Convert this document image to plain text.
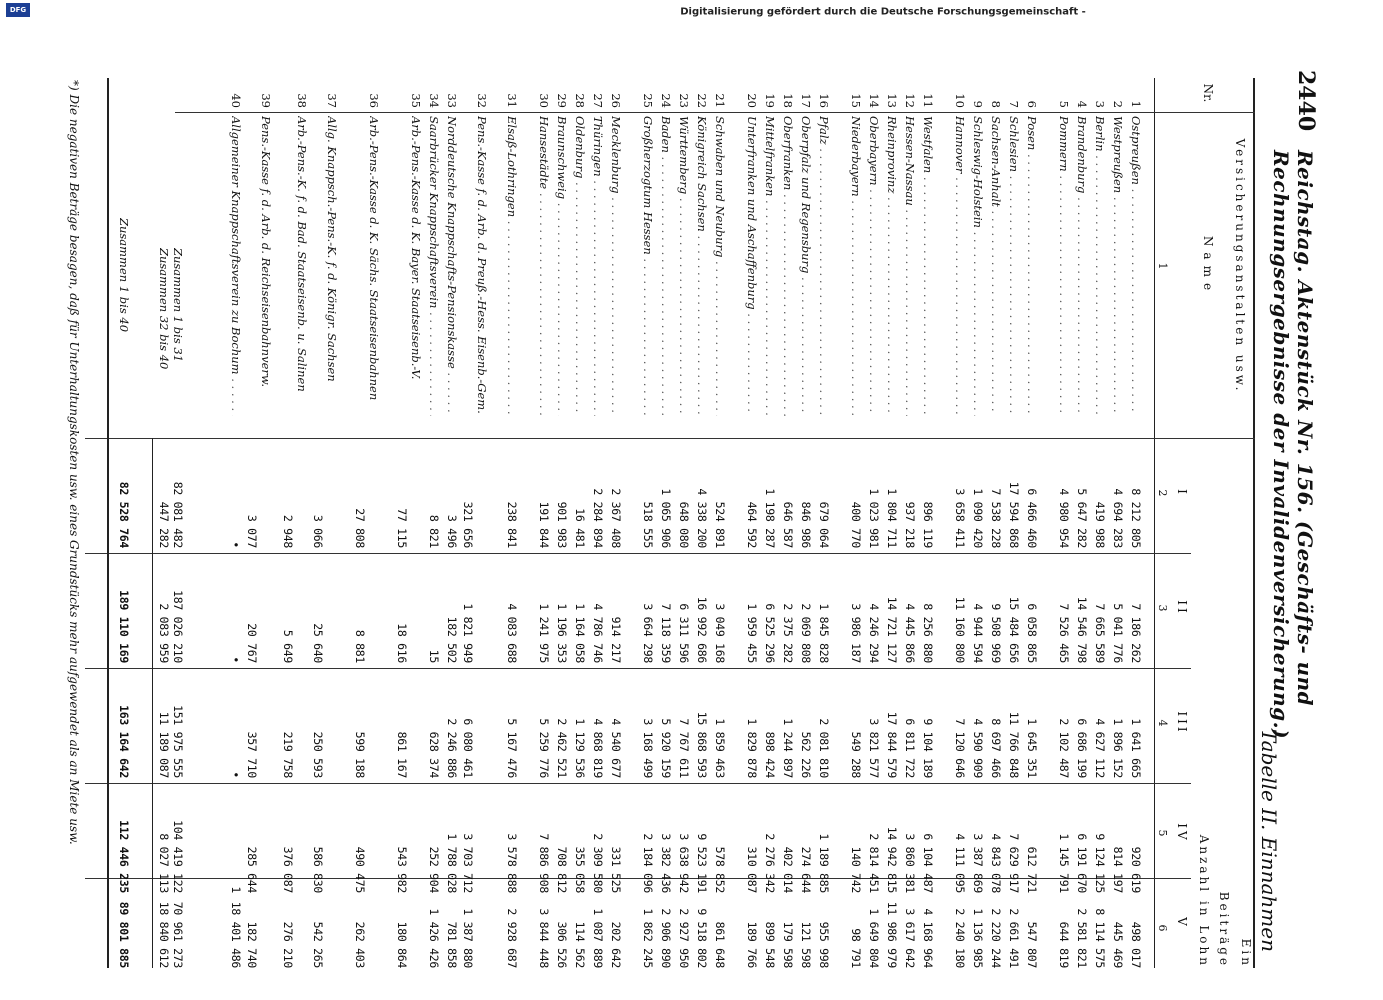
Digitalisierung gefördert durch die Deutsche Forschungsgemeinschaft -
DFG
2440
Reichstag. Aktenstück Nr. 156. (Geschäfts- und Rechnungsergebnisse der Invalidenversicherung.)
Tabelle II. Einnahmen
Nr.
Versicherungsanstalten usw.
Name
Ein
Beiträge
Anzahl in Lohn
I
II
III
IV
V
1
2
3
4
5
6
1
Ostpreußen . . .
8 212 805
7 186 262
1 641 665
920 619
498 017
2
Westpreußen . . .
4 694 283
5 041 776
1 896 152
814 197
445 469
3
Berlin . . .
419 988
7 665 589
4 627 112
9 124 125
8 114 575
4
Brandenburg . . .
5 647 282
14 546 798
6 686 199
6 191 670
2 581 821
5
Pommern . . .
4 980 954
7 526 465
2 102 487
1 145 791
644 819
6
Posen . . .
6 466 460
6 058 865
1 645 351
612 721
547 807
7
Schlesien . . .
17 594 868
15 484 656
11 766 848
7 629 917
2 661 491
8
Sachsen-Anhalt . . .
7 538 228
9 508 969
8 697 466
4 843 078
2 220 244
9
Schleswig-Holstein . . .
1 090 420
4 944 594
4 590 909
3 387 869
1 136 985
10
Hannover . . .
3 658 411
11 160 800
7 120 646
4 111 095
2 240 180
11
Westfalen . . .
896 119
8 256 880
9 104 189
6 104 487
4 168 964
12
Hessen-Nassau . . .
937 218
4 445 866
6 811 722
3 860 381
3 617 642
13
Rheinprovinz . . .
1 804 711
14 721 127
17 844 579
14 942 815
11 986 979
14
Oberbayern . . .
1 023 981
4 246 294
3 821 577
2 814 451
1 649 804
15
Niederbayern . . .
400 770
3 986 187
549 288
140 742
98 791
16
Pfalz . . .
679 064
1 845 828
2 081 810
1 189 885
955 998
17
Oberpfalz und Regensburg . . .
846 986
2 069 808
562 226
274 644
121 598
18
Oberfranken . . .
646 587
2 375 282
1 244 897
402 014
179 598
19
Mittelfranken . . .
1 198 287
6 525 296
898 424
2 276 342
899 548
20
Unterfranken und Aschaffenburg . . .
464 592
1 959 455
1 829 878
310 087
189 766
21
Schwaben und Neuburg . . .
524 891
3 049 168
1 859 463
578 852
861 648
22
Königreich Sachsen . . .
4 338 200
16 992 686
15 868 593
9 523 191
9 518 802
23
Württemberg . . .
648 080
6 311 596
7 767 611
3 638 942
2 927 950
24
Baden . . .
1 065 906
7 118 359
5 920 159
3 382 436
2 906 890
25
Großherzogtum Hessen . . .
518 555
3 664 298
3 168 499
2 184 096
1 862 245
26
Mecklenburg . . .
2 367 408
914 217
4 540 677
331 525
202 642
27
Thüringen . . .
2 284 894
4 786 746
4 868 819
2 309 580
1 087 889
28
Oldenburg . . .
16 481
1 164 058
1 129 536
355 058
114 562
29
Braunschweig . . .
901 983
1 196 353
2 462 521
708 812
306 526
30
Hansestädte . . .
191 844
1 241 975
5 259 776
7 886 908
3 844 448
31
Elsaß-Lothringen . . .
238 841
4 083 688
5 167 476
3 578 888
2 928 687
32
Pens.-Kasse f. d. Arb. d. Preuß.-Hess. Eisenb.-Gem.
321 656
1 821 949
6 080 461
3 703 712
1 387 880
33
Norddeutsche Knappschafts-Pensionskasse . . .
3 496
182 502
2 246 886
1 788 028
781 858
34
Saarbrücker Knappschaftsverein . . .
8 821
15
628 374
252 904
1 426 426
35
Arb.-Pens.-Kasse d. K. Bayer. Staatseisenb.-V.
77 115
18 616
861 167
543 982
180 864
36
Arb.-Pens.-Kasse d. K. Sächs. Staatseisenbahnen
27 808
8 881
599 188
490 475
262 403
37
Allg. Knappsch.-Pens.-K. f. d. Königr. Sachsen
3 066
25 640
250 593
586 830
542 265
38
Arb.-Pens.-K. f. d. Bad. Staatseisenb. u. Salinen
2 948
5 649
219 758
376 087
276 210
39
Pens.-Kasse f. d. Arb. d. Reichseisenbahnverw.
3 077
20 767
357 710
285 644
182 740
40
Allgemeiner Knappschaftsverein zu Bochum . . .
•
•
•
1
18 401 486
Zusammen 1 bis 31
82 081 482
187 026 210
151 975 555
104 419 122
70 961 273
Zusammen 32 bis 40
447 282
2 083 959
11 189 087
8 027 113
18 840 612
Zusammen 1 bis 40
82 528 764
189 110 169
163 164 642
112 446 235
89 801 885
*) Die negativen Beträge besagen, daß für Unterhaltungskosten usw. eines Grundstücks mehr aufgewendet als an Miete usw.
